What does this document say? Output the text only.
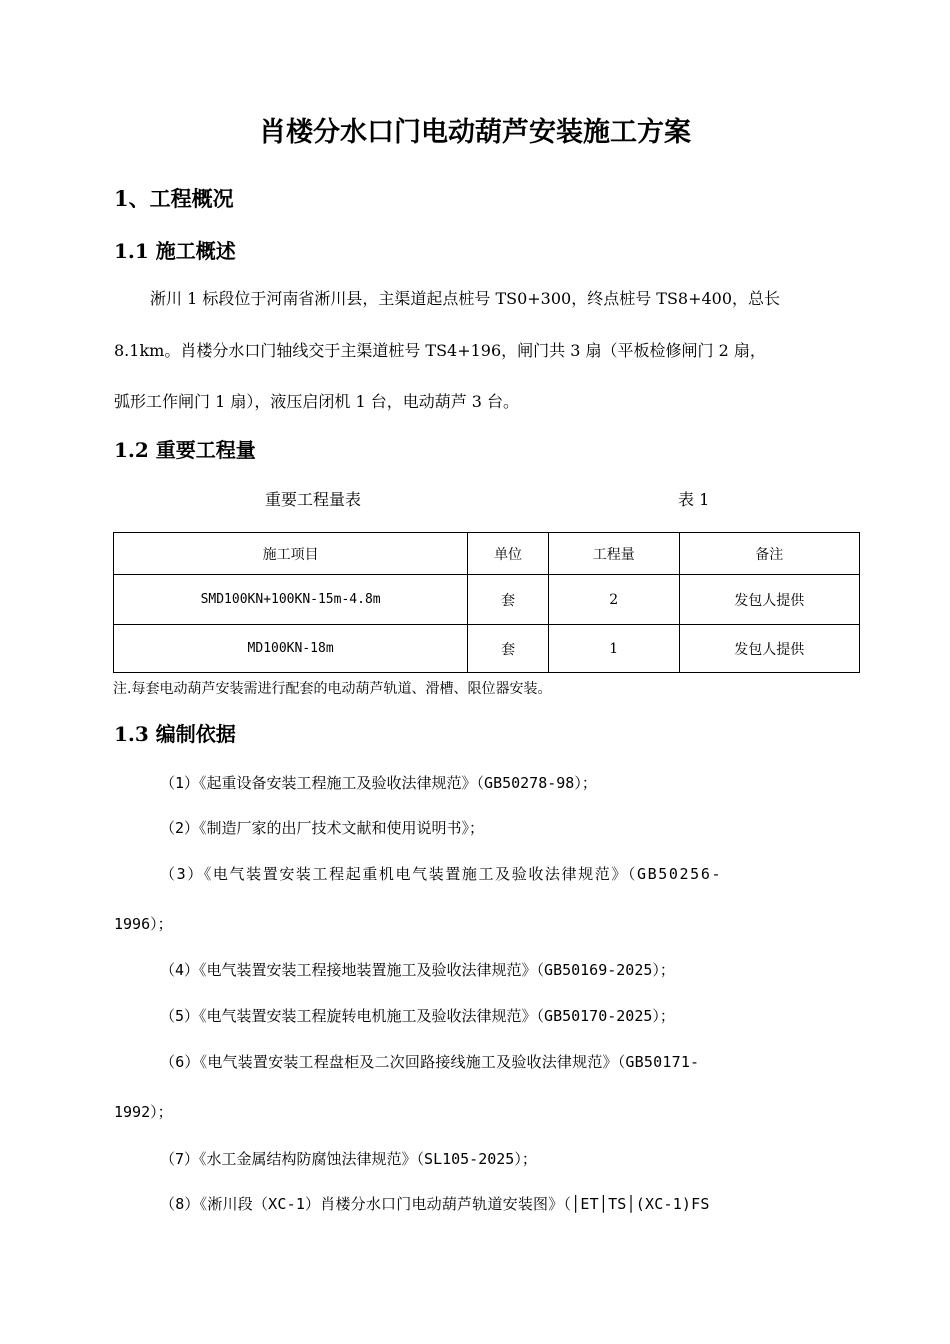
肖楼分水口门电动葫芦安装施工方案
1、工程概况
1.1 施工概述
淅川 1 标段位于河南省淅川县，主渠道起点桩号 TS0+300，终点桩号 TS8+400，总长
8.1km。肖楼分水口门轴线交于主渠道桩号 TS4+196，闸门共 3 扇（平板检修闸门 2 扇，
弧形工作闸门 1 扇），液压启闭机 1 台，电动葫芦 3 台。
1.2 重要工程量
重要工程量表	表 1
施工项目	单位	工程量	备注
SMD100KN+100KN-15m-4.8m	套	2	发包人提供
MD100KN-18m	套	1	发包人提供
注.每套电动葫芦安装需进行配套的电动葫芦轨道、滑槽、限位器安装。
1.3 编制依据
（1）《起重设备安装工程施工及验收法律规范》（GB50278-98）；
（2）《制造厂家的出厂技术文献和使用说明书》；
（3）《电气装置安装工程起重机电气装置施工及验收法律规范》（GB50256-
1996）；
（4）《电气装置安装工程接地装置施工及验收法律规范》（GB50169-2025）；
（5）《电气装置安装工程旋转电机施工及验收法律规范》（GB50170-2025）；
（6）《电气装置安装工程盘柜及二次回路接线施工及验收法律规范》（GB50171-
1992）；
（7）《水工金属结构防腐蚀法律规范》（SL105-2025）；
（8）《淅川段（XC-1）肖楼分水口门电动葫芦轨道安装图》（│ET│TS│(XC-1)FS
